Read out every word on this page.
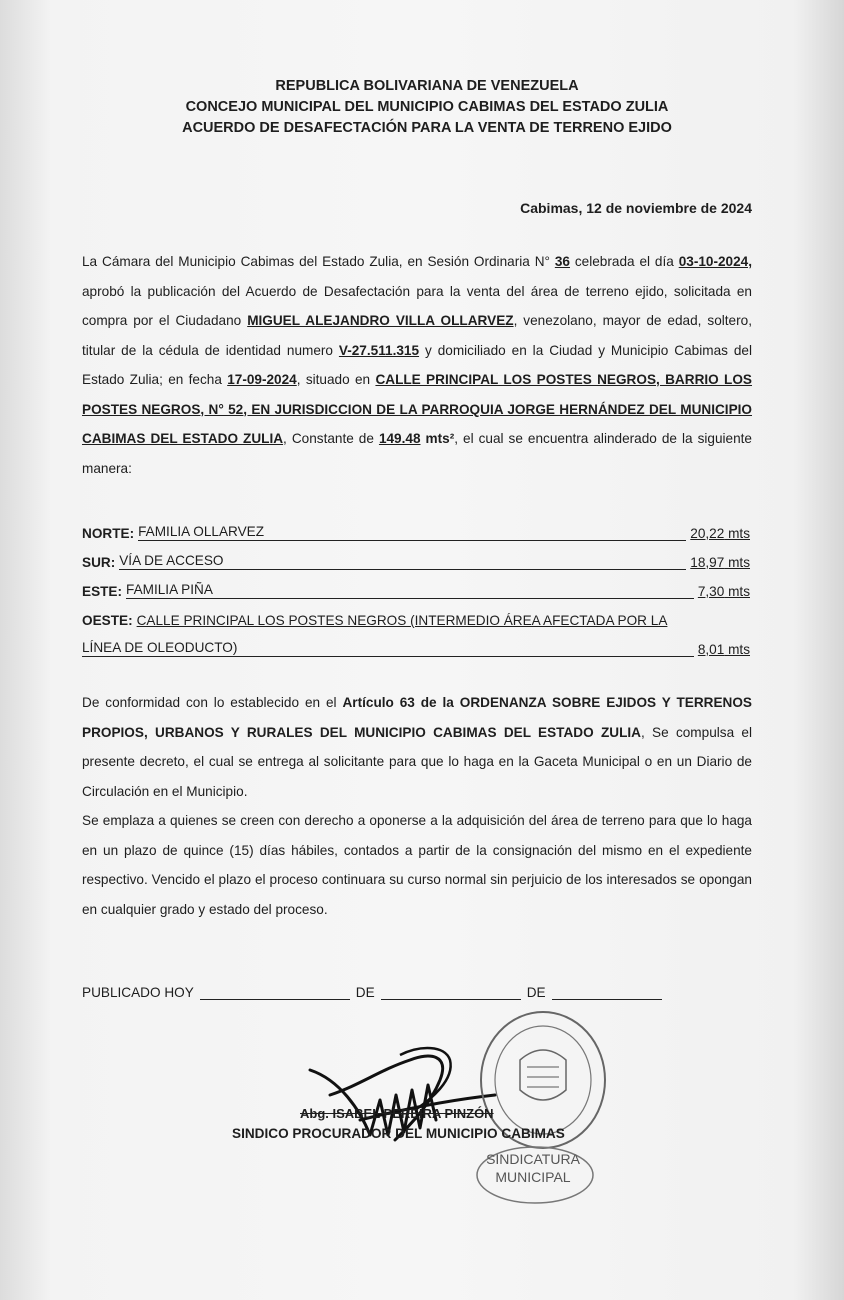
REPUBLICA BOLIVARIANA DE VENEZUELA
CONCEJO MUNICIPAL DEL MUNICIPIO CABIMAS DEL ESTADO ZULIA
ACUERDO DE DESAFECTACIÓN PARA LA VENTA DE TERRENO EJIDO
Cabimas, 12 de noviembre de 2024
La Cámara del Municipio Cabimas del Estado Zulia, en Sesión Ordinaria N° 36 celebrada el día 03-10-2024, aprobó la publicación del Acuerdo de Desafectación para la venta del área de terreno ejido, solicitada en compra por el Ciudadano MIGUEL ALEJANDRO VILLA OLLARVEZ, venezolano, mayor de edad, soltero, titular de la cédula de identidad numero V-27.511.315 y domiciliado en la Ciudad y Municipio Cabimas del Estado Zulia; en fecha 17-09-2024, situado en CALLE PRINCIPAL LOS POSTES NEGROS, BARRIO LOS POSTES NEGROS, N° 52, EN JURISDICCION DE LA PARROQUIA JORGE HERNÁNDEZ DEL MUNICIPIO CABIMAS DEL ESTADO ZULIA, Constante de 149.48 mts², el cual se encuentra alinderado de la siguiente manera:
NORTE: FAMILIA OLLARVEZ	20,22 mts
SUR: VÍA DE ACCESO	18,97 mts
ESTE: FAMILIA PIÑA	7,30 mts
OESTE: CALLE PRINCIPAL LOS POSTES NEGROS (INTERMEDIO ÁREA AFECTADA POR LA
LÍNEA DE OLEODUCTO)	8,01 mts
De conformidad con lo establecido en el Artículo 63 de la ORDENANZA SOBRE EJIDOS Y TERRENOS PROPIOS, URBANOS Y RURALES DEL MUNICIPIO CABIMAS DEL ESTADO ZULIA, Se compulsa el presente decreto, el cual se entrega al solicitante para que lo haga en la Gaceta Municipal o en un Diario de Circulación en el Municipio.
Se emplaza a quienes se creen con derecho a oponerse a la adquisición del área de terreno para que lo haga en un plazo de quince (15) días hábiles, contados a partir de la consignación del mismo en el expediente respectivo. Vencido el plazo el proceso continuara su curso normal sin perjuicio de los interesados se opongan en cualquier grado y estado del proceso.
PUBLICADO HOY	DE	DE
SINDICATURA
MUNICIPAL
Abg. ISABEL PEREIRA PINZÓN
SINDICO PROCURADOR DEL MUNICIPIO CABIMAS
